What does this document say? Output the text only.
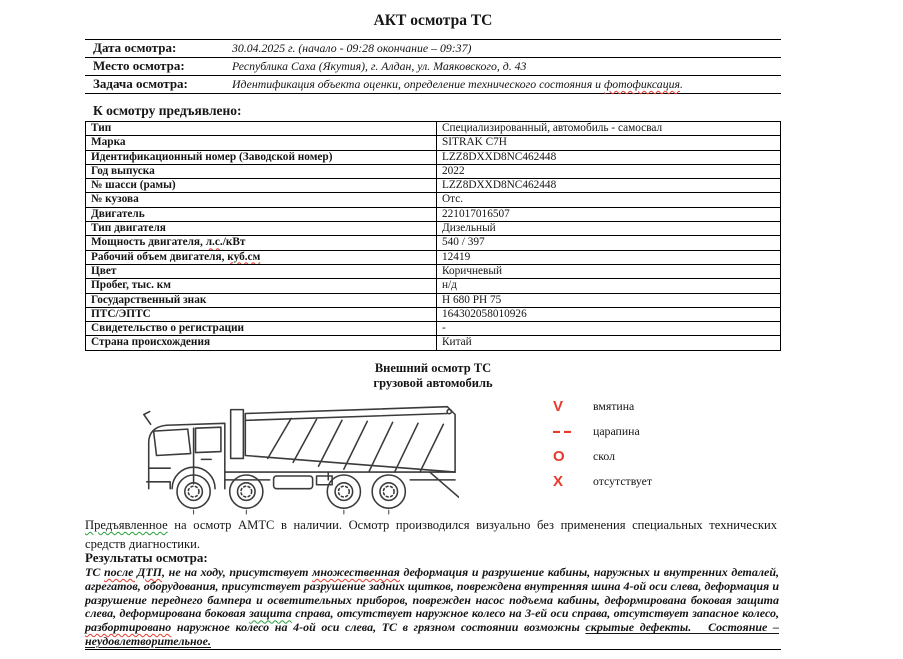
АКТ осмотра ТС
Дата осмотра:	30.04.2025 г. (начало - 09:28 окончание – 09:37)
Место осмотра:	Республика Саха (Якутия), г. Алдан, ул. Маяковского, д. 43
Задача осмотра:	Идентификация объекта оценки, определение технического состояния и фотофиксация.
К осмотру предъявлено:
Тип	Специализированный, автомобиль - самосвал
Марка	SITRAK C7H
Идентификационный номер (Заводской номер)	LZZ8DXXD8NC462448
Год выпуска	2022
№ шасси (рамы)	LZZ8DXXD8NC462448
№ кузова	Отс.
Двигатель	221017016507
Тип двигателя	Дизельный
Мощность двигателя, л.с./кВт	540 / 397
Рабочий объем двигателя, куб.см	12419
Цвет	Коричневый
Пробег, тыс. км	н/д
Государственный знак	Н 680 РН 75
ПТС/ЭПТС	164302058010926
Свидетельство о регистрации	-
Страна происхождения	Китай
Внешний осмотр ТС
грузовой автомобиль
V	вмятина
▬ ▬	царапина
O	скол
X	отсутствует
Предъявленное на осмотр АМТС в наличии. Осмотр производился визуально без применения специальных технических средств диагностики.
Результаты осмотра:
ТС после ДТП, не на ходу, присутствует множественная деформация и разрушение кабины, наружных и внутренних деталей, агрегатов, оборудования, присутствует разрушение задних щитков, повреждена внутренняя шина 4-ой оси слева, деформация и разрушение переднего бампера и осветительных приборов, поврежден насос подъема кабины, деформирована боковая защита слева, деформирована боковая защита справа, отсутствует наружное колесо на 3-ей оси справа, отсутствует запасное колесо, разбортировано наружное колесо на 4-ой оси слева, ТС в грязном состоянии возможны скрытые дефекты.   Состояние – неудовлетворительное.
